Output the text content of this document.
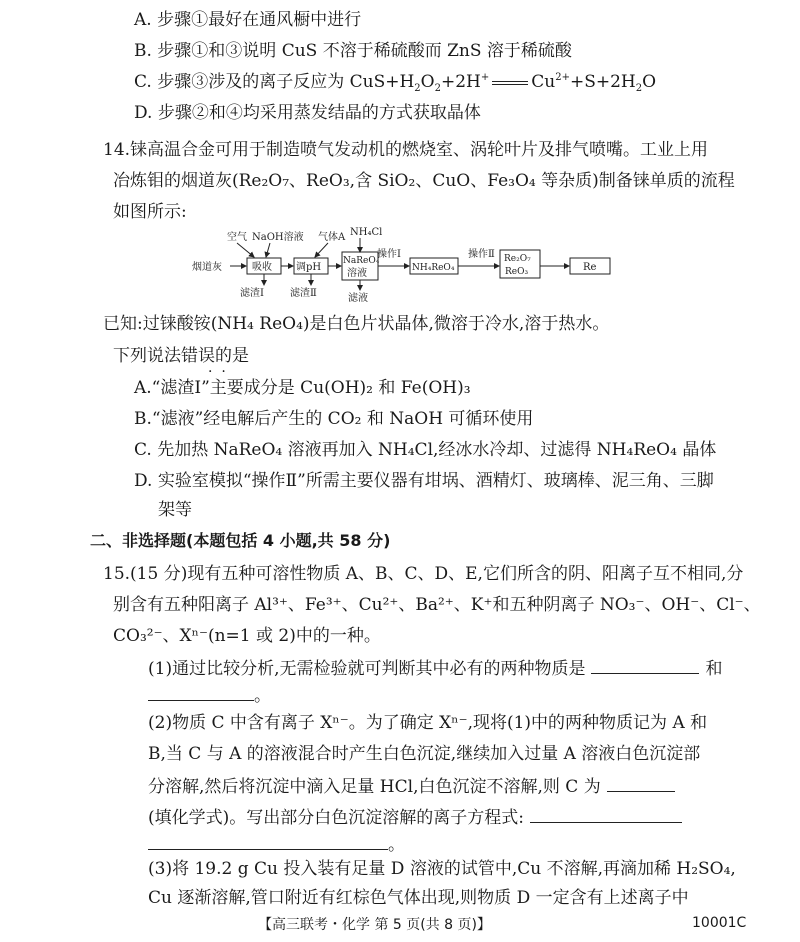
A. 步骤①最好在通风橱中进行
B. 步骤①和③说明 CuS 不溶于稀硫酸而 ZnS 溶于稀硫酸
C. 步骤③涉及的离子反应为 $CuS+H_2O_2+2H^+$ $Cu^{2+}+S+2H_2O$
D. 步骤②和④均采用蒸发结晶的方式获取晶体
14.铼高温合金可用于制造喷气发动机的燃烧室、涡轮叶片及排气喷嘴。工业上用
冶炼钼的烟道灰(Re₂O₇、ReO₃,含 SiO₂、CuO、Fe₃O₄ 等杂质)制备铼单质的流程
如图所示:
空气 NaOH溶液 气体A NH₄Cl
烟道灰
滤渣Ⅰ	滤渣Ⅱ	滤液
操作Ⅰ	操作Ⅱ
吸收 调pH
NaReO₄
溶液	NH₄ReO₄
Re₂O₇
ReO₃	Re
已知:过铼酸铵(NH₄ ReO₄)是白色片状晶体,微溶于冷水,溶于热水。
下列说法错误的是
·  ·
A.“滤渣Ⅰ”主要成分是 Cu(OH)₂ 和 Fe(OH)₃
B.“滤液”经电解后产生的 CO₂ 和 NaOH 可循环使用
C. 先加热 NaReO₄ 溶液再加入 NH₄Cl,经冰水冷却、过滤得 NH₄ReO₄ 晶体
D. 实验室模拟“操作Ⅱ”所需主要仪器有坩埚、酒精灯、玻璃棒、泥三角、三脚
架等
二、非选择题(本题包括 4 小题,共 58 分)
15.(15 分)现有五种可溶性物质 A、B、C、D、E,它们所含的阴、阳离子互不相同,分
别含有五种阳离子 Al³⁺、Fe³⁺、Cu²⁺、Ba²⁺、K⁺和五种阴离子 NO₃⁻、OH⁻、Cl⁻、
CO₃²⁻、Xⁿ⁻(n=1 或 2)中的一种。
(1)通过比较分析,无需检验就可判断其中必有的两种物质是	和
。
(2)物质 C 中含有离子 Xⁿ⁻。为了确定 Xⁿ⁻,现将(1)中的两种物质记为 A 和
B,当 C 与 A 的溶液混合时产生白色沉淀,继续加入过量 A 溶液白色沉淀部
分溶解,然后将沉淀中滴入足量 HCl,白色沉淀不溶解,则 C 为
(填化学式)。写出部分白色沉淀溶解的离子方程式:
。
(3)将 19.2 g Cu 投入装有足量 D 溶液的试管中,Cu 不溶解,再滴加稀 H₂SO₄,
Cu 逐渐溶解,管口附近有红棕色气体出现,则物质 D 一定含有上述离子中
【高三联考・化学 第 5 页(共 8 页)】	10001C
